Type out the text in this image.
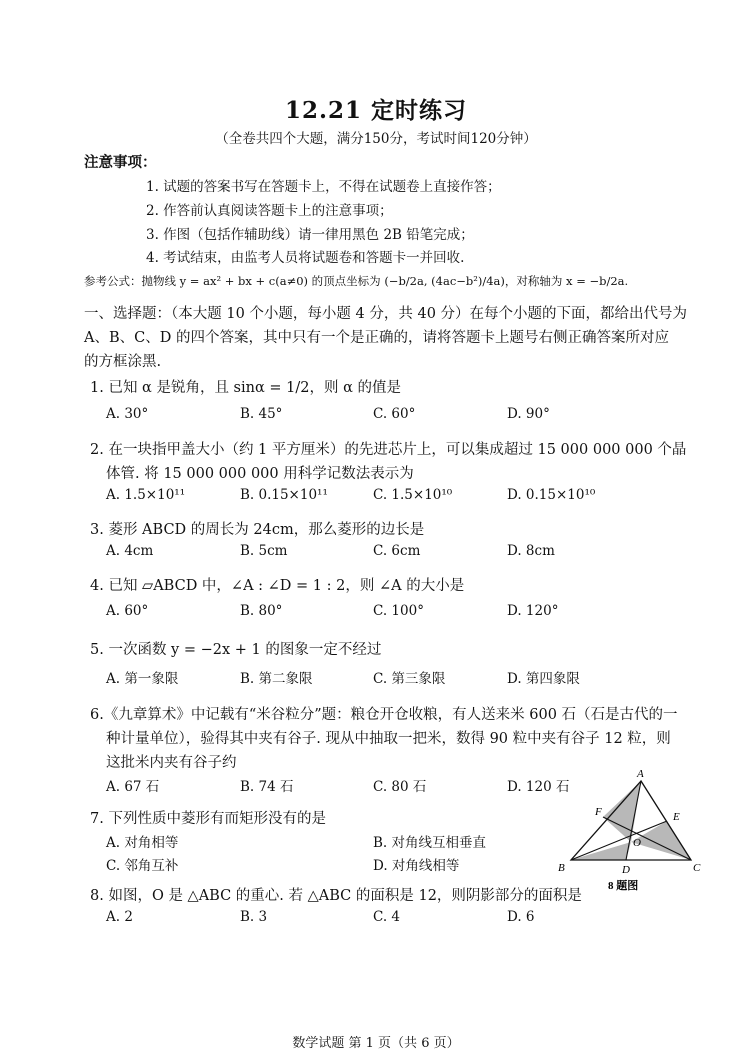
12.21 定时练习
（全卷共四个大题，满分150分，考试时间120分钟）
注意事项：
1. 试题的答案书写在答题卡上，不得在试题卷上直接作答；
2. 作答前认真阅读答题卡上的注意事项；
3. 作图（包括作辅助线）请一律用黑色 2B 铅笔完成；
4. 考试结束，由监考人员将试题卷和答题卡一并回收.
参考公式：抛物线 y = ax² + bx + c(a≠0) 的顶点坐标为 (−b/2a, (4ac−b²)/4a)，对称轴为 x = −b/2a.
一、选择题：（本大题 10 个小题，每小题 4 分，共 40 分）在每个小题的下面，都给出代号为
A、B、C、D 的四个答案，其中只有一个是正确的，请将答题卡上题号右侧正确答案所对应
的方框涂黑.
1. 已知 α 是锐角，且 sinα = 1/2，则 α 的值是
A. 30°	B. 45°	C. 60°	D. 90°
2. 在一块指甲盖大小（约 1 平方厘米）的先进芯片上，可以集成超过 15 000 000 000 个晶
体管. 将 15 000 000 000 用科学记数法表示为
A. 1.5×10¹¹	B. 0.15×10¹¹	C. 1.5×10¹⁰	D. 0.15×10¹⁰
3. 菱形 ABCD 的周长为 24cm，那么菱形的边长是
A. 4cm	B. 5cm	C. 6cm	D. 8cm
4. 已知 ▱ABCD 中，∠A : ∠D = 1 : 2，则 ∠A 的大小是
A. 60°	B. 80°	C. 100°	D. 120°
5. 一次函数 y = −2x + 1 的图象一定不经过
A. 第一象限	B. 第二象限	C. 第三象限	D. 第四象限
6.《九章算术》中记载有“米谷粒分”题：粮仓开仓收粮，有人送来米 600 石（石是古代的一
种计量单位），验得其中夹有谷子. 现从中抽取一把米，数得 90 粒中夹有谷子 12 粒，则
这批米内夹有谷子约
A. 67 石	B. 74 石	C. 80 石	D. 120 石
7. 下列性质中菱形有而矩形没有的是
A. 对角相等	B. 对角线互相垂直
C. 邻角互补	D. 对角线相等
8. 如图，O 是 △ABC 的重心. 若 △ABC 的面积是 12，则阴影部分的面积是
A. 2	B. 3	C. 4	D. 6
A
B	C
D
E
F
O
8 题图
数学试题 第 1 页（共 6 页）
